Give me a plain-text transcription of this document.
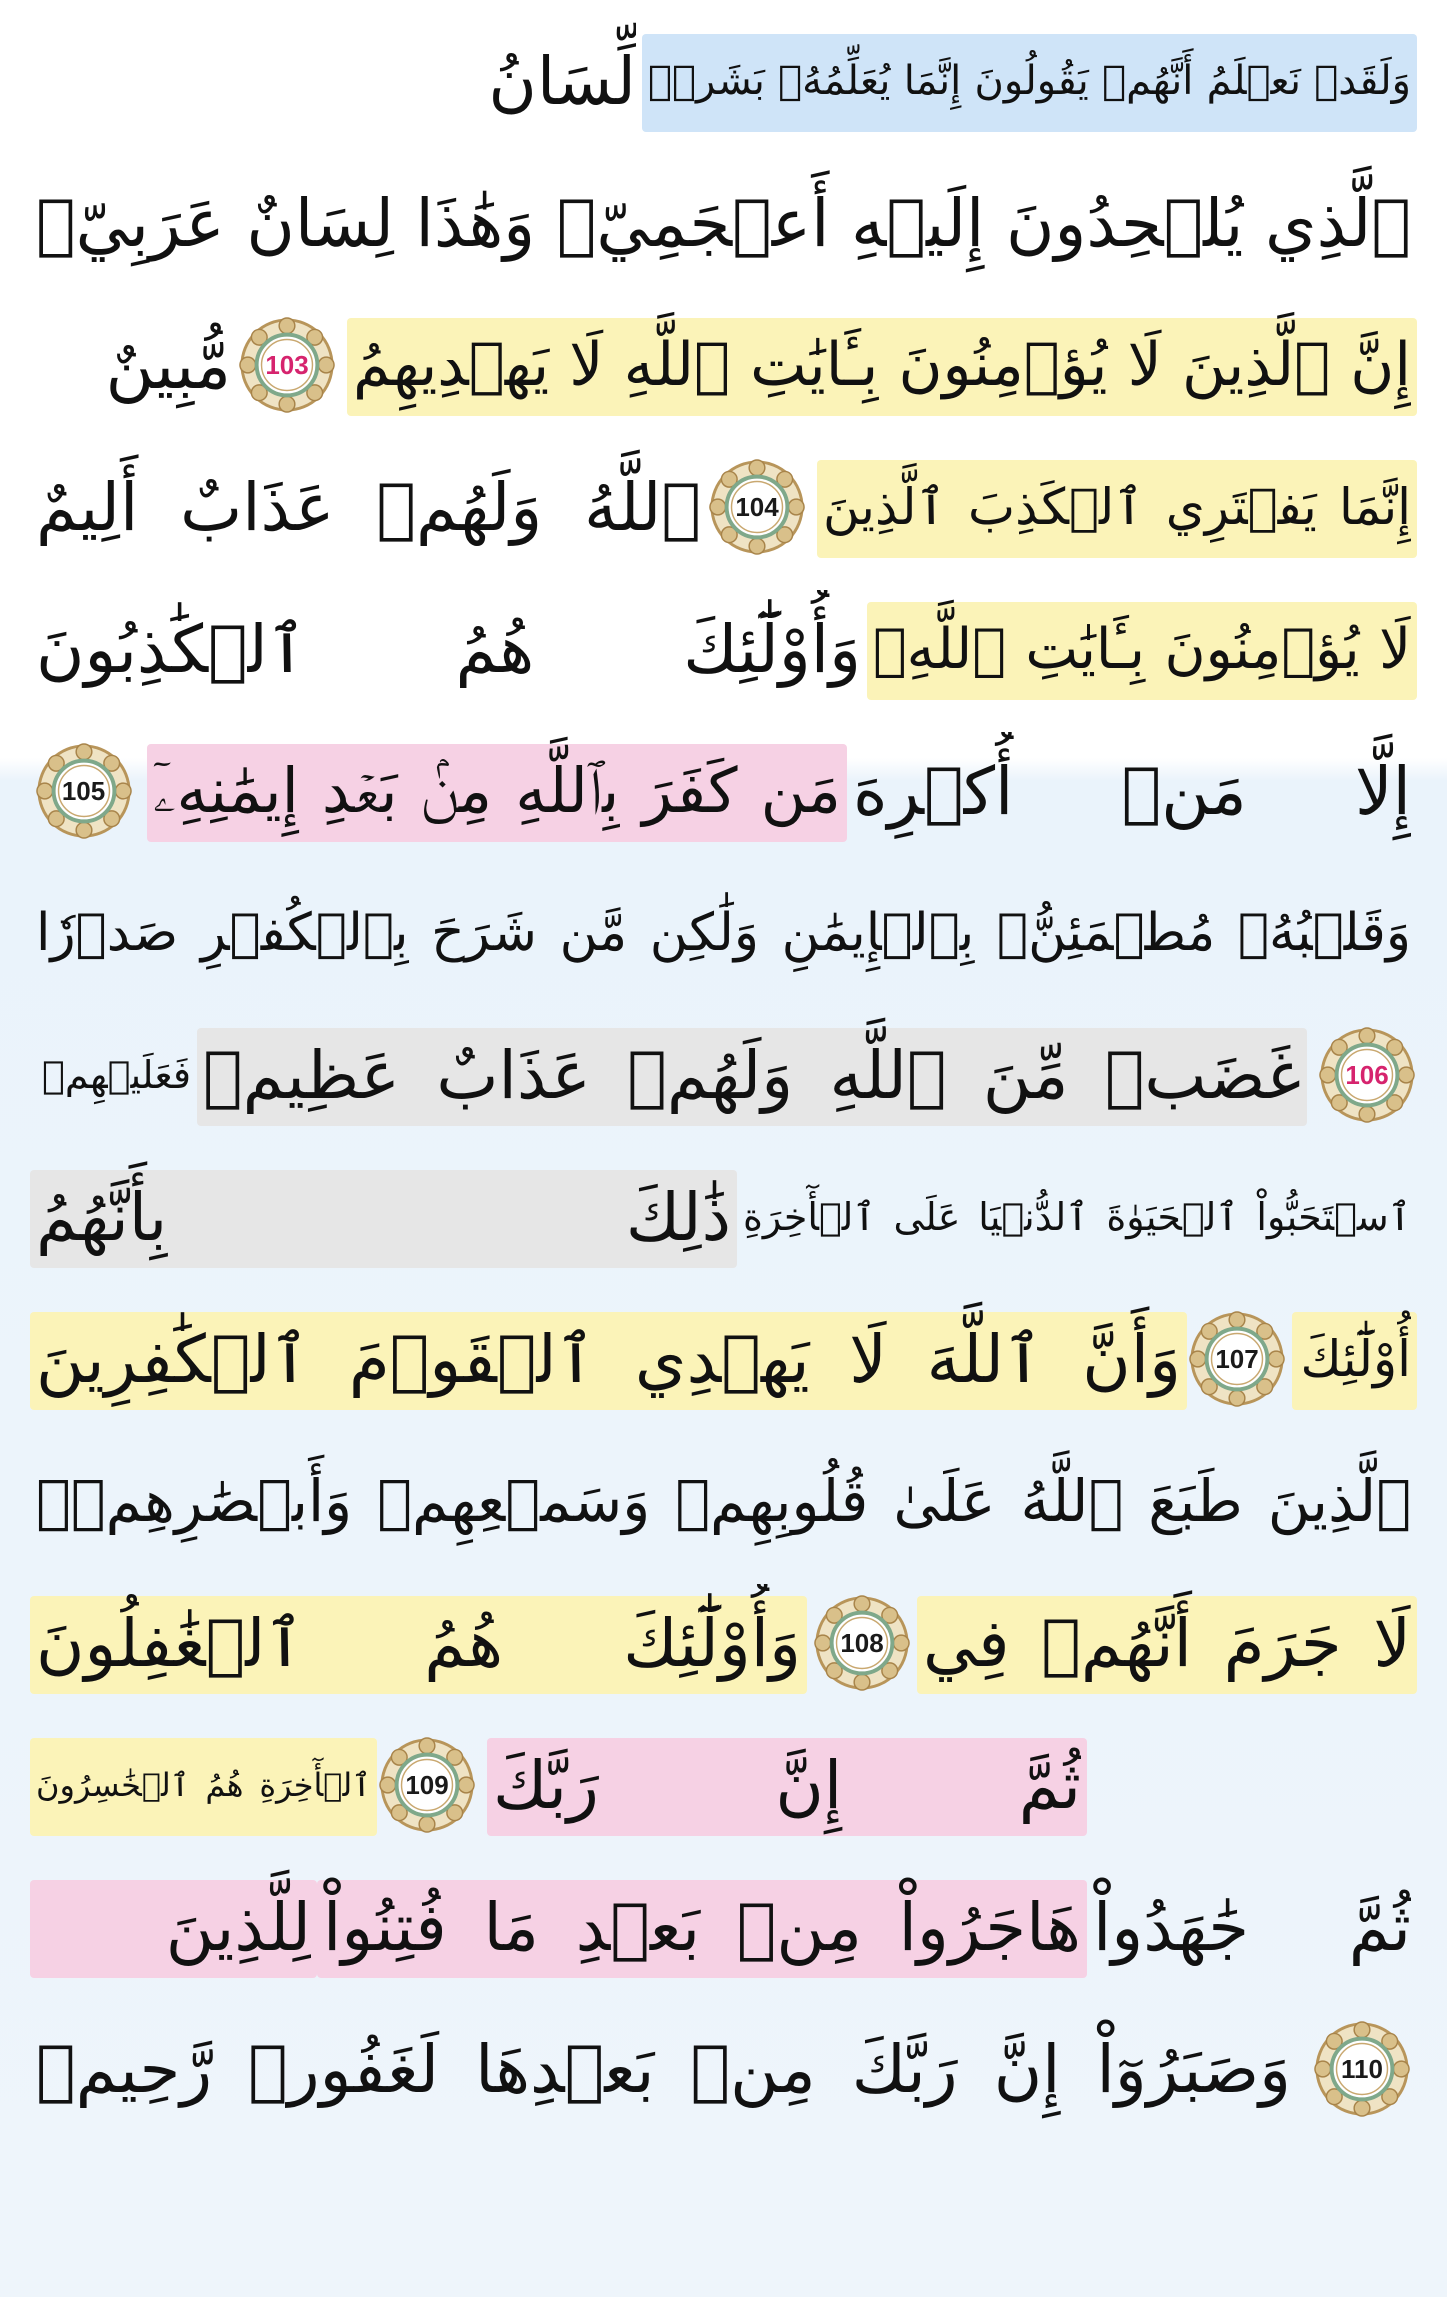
وَلَقَدۡ نَعۡلَمُ أَنَّهُمۡ يَقُولُونَ إِنَّمَا يُعَلِّمُهُۥ بَشَرٞۗ
لِّسَانُ
ٱلَّذِي يُلۡحِدُونَ إِلَيۡهِ أَعۡجَمِيّٞ وَهَٰذَا لِسَانٌ عَرَبِيّٞ
مُّبِينٌ	103 إِنَّ ٱلَّذِينَ لَا يُؤۡمِنُونَ بِـَٔايَٰتِ ٱللَّهِ لَا يَهۡدِيهِمُ
ٱللَّهُ وَلَهُمۡ عَذَابٌ أَلِيمٌ	104 إِنَّمَا يَفۡتَرِي ٱلۡكَذِبَ ٱلَّذِينَ
لَا يُؤۡمِنُونَ بِـَٔايَٰتِ ٱللَّهِۖ
وَأُوْلَٰٓئِكَ هُمُ ٱلۡكَٰذِبُونَ
105 مَن كَفَرَ بِٱللَّهِ مِنۢ بَعۡدِ إِيمَٰنِهِۦٓ إِلَّا مَنۡ أُكۡرِهَ
وَقَلۡبُهُۥ مُطۡمَئِنُّۢ بِٱلۡإِيمَٰنِ وَلَٰكِن مَّن شَرَحَ بِٱلۡكُفۡرِ صَدۡرٗا
فَعَلَيۡهِمۡ غَضَبٞ مِّنَ ٱللَّهِ وَلَهُمۡ عَذَابٌ عَظِيمٞ	106
ذَٰلِكَ بِأَنَّهُمُ ٱسۡتَحَبُّواْ ٱلۡحَيَوٰةَ ٱلدُّنۡيَا عَلَى ٱلۡأٓخِرَةِ
وَأَنَّ ٱللَّهَ لَا يَهۡدِي ٱلۡقَوۡمَ ٱلۡكَٰفِرِينَ	107 أُوْلَٰٓئِكَ
ٱلَّذِينَ طَبَعَ ٱللَّهُ عَلَىٰ قُلُوبِهِمۡ وَسَمۡعِهِمۡ وَأَبۡصَٰرِهِمۡۖ
وَأُوْلَٰٓئِكَ هُمُ ٱلۡغَٰفِلُونَ	108 لَا جَرَمَ أَنَّهُمۡ فِي
ٱلۡأٓخِرَةِ هُمُ ٱلۡخَٰسِرُونَ	109 ثُمَّ إِنَّ رَبَّكَ
لِلَّذِينَ هَاجَرُواْ مِنۢ بَعۡدِ مَا فُتِنُواْ ثُمَّ جَٰهَدُواْ
وَصَبَرُوٓاْ إِنَّ رَبَّكَ مِنۢ بَعۡدِهَا لَغَفُورٞ رَّحِيمٞ	110
